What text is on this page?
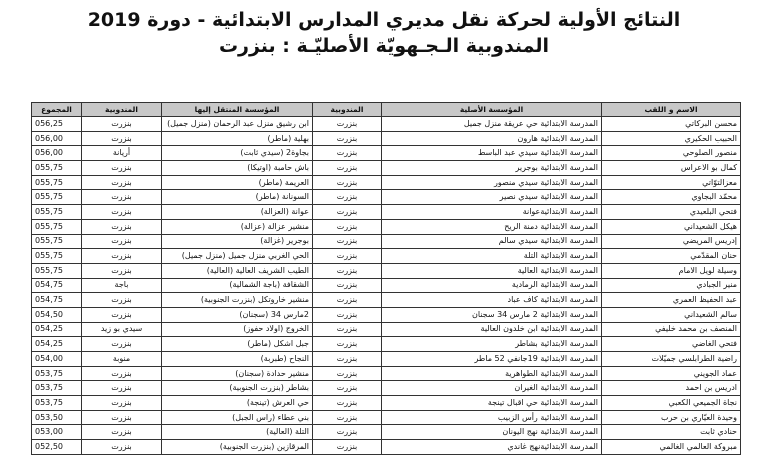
النتائج الأولية لحركة نقل مديري المدارس الابتدائية - دورة 2019
المندوبية الـجـهويّة الأصليّـة : بنزرت
المجموع	المندوبية	المؤسسة المنتقل إليها	المندوبية	المؤسسة الأصلية	الاسم و اللقب
056,25	بنزرت	ابن رشيق منزل عبد الرحمان (منزل جميل)	بنزرت	المدرسة الابتدائية حي عريقة منزل جميل	محسن البركاتي
056,00	بنزرت	بهلية (ماطر)	بنزرت	المدرسة الابتدائية هارون	الحبيب الحكيري
056,00	أريانة	بجاوة2 (سيدي ثابت)	بنزرت	المدرسة الابتدائية سيدي عبد الباسط	منصور الصلوحي
055,75	بنزرت	باش حامبة (اوتيكا)	بنزرت	المدرسة الابتدائية بوجرير	كمال بو الاعراس
055,75	بنزرت	العريمة (ماطر)	بنزرت	المدرسة الابتدائية سيدي منصور	معزالتوّاتي
055,75	بنزرت	السونانة (ماطر)	بنزرت	المدرسة الابتدائية سيدي نصير	محمّد البجاوي
055,75	بنزرت	عوانة (العزالة)	بنزرت	المدرسة الابتدائيةعوانة	فتحي البلعيدي
055,75	بنزرت	منشير عزالة (عزالة)	بنزرت	المدرسة الابتدائية دمنة الريح	هيكل الشعيداني
055,75	بنزرت	بوجرير (غزالة)	بنزرت	المدرسة الابتدائية سيدي سالم	إدريس المريضي
055,75	بنزرت	الحي الغربي منزل جميل (منزل جميل)	بنزرت	المدرسة الابتدائية التلة	حنان المقدّمي
055,75	بنزرت	الطيب الشريف العالية (العالية)	بنزرت	المدرسة الابتدائية العالية	وسيلة لويل الامام
054,75	باجة	الشقافة (باجة الشمالية)	بنزرت	المدرسة الابتدائية الرمادية	منير الجبادي
054,75	بنزرت	منشير خاروتكل (بنزرت الجنوبية)	بنزرت	المدرسة الابتدائية كاف عباد	عبد الحفيظ العمري
054,50	بنزرت	2مارس 34 (سجنان)	بنزرت	المدرسة الابتدائية 2 مارس 34 سجنان	سالم الشعيداني
054,25	سيدي بو زيد	الخروج (اولاد حفوز)	بنزرت	المدرسة الابتدائية ابن خلدون العالية	المنصف بن محمد خليفي
054,25	بنزرت	جبل اشكل (ماطر)	بنزرت	المدرسة الابتدائية بشاطر	فتحي الغاضي
054,00	منوبة	النجاح (طبربة)	بنزرت	المدرسة الابتدائية 19جانفي 52 ماطر	راضية الطرابلسي جميّلات
053,75	بنزرت	منشير حدادة (سجنان)	بنزرت	المدرسة الابتدائية الطواهرية	عماد الجويني
053,75	بنزرت	بشاطر (بنزرت الجنوبية)	بنزرت	المدرسة الابتدائية الغيران	ادريس بن احمد
053,75	بنزرت	حي العرش (تينجة)	بنزرت	المدرسة الابتدائية حي اقبال تينجة	نجاة الجميعي الكعبي
053,50	بنزرت	بني عطاء (راس الجبل)	بنزرت	المدرسة الابتدائية رأس الزبيب	وحيدة العيّاري بن حرب
053,00	بنزرت	التلة (العالية)	بنزرت	المدرسة الابتدائية نهج اليونان	حنادي ثابت
052,50	بنزرت	المرقازين (بنزرت الجنوبية)	بنزرت	المدرسة الابتدائيةنهج غاندي	مبروكة العالمي الغالمي
